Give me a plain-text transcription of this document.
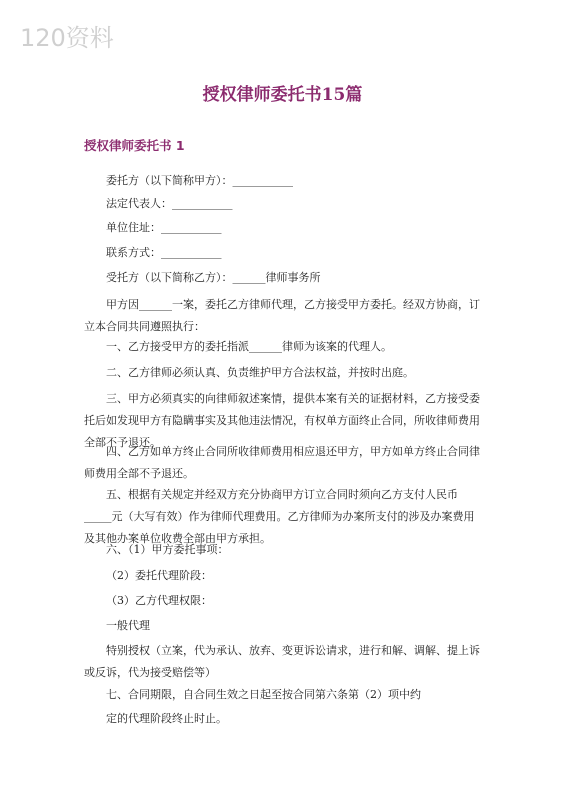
120资料
授权律师委托书15篇
授权律师委托书 1
委托方（以下简称甲方）：___________
法定代表人：___________
单位住址：___________
联系方式：___________
受托方（以下简称乙方）：______律师事务所
甲方因______一案，委托乙方律师代理，乙方接受甲方委托。经双方协商，订立本合同共同遵照执行：
一、乙方接受甲方的委托指派______律师为该案的代理人。
二、乙方律师必须认真、负责维护甲方合法权益，并按时出庭。
三、甲方必须真实的向律师叙述案情，提供本案有关的证据材料，乙方接受委托后如发现甲方有隐瞒事实及其他违法情况，有权单方面终止合同，所收律师费用全部不予退还。
四、乙方如单方终止合同所收律师费用相应退还甲方，甲方如单方终止合同律师费用全部不予退还。
五、根据有关规定并经双方充分协商甲方订立合同时须向乙方支付人民币_____元（大写有效）作为律师代理费用。乙方律师为办案所支付的涉及办案费用及其他办案单位收费全部由甲方承担。
六、（1）甲方委托事项：
（2）委托代理阶段：
（3）乙方代理权限：
一般代理
特别授权（立案，代为承认、放弃、变更诉讼请求，进行和解、调解、提上诉或反诉，代为接受赔偿等）
七、合同期限，自合同生效之日起至按合同第六条第（2）项中约
定的代理阶段终止时止。
